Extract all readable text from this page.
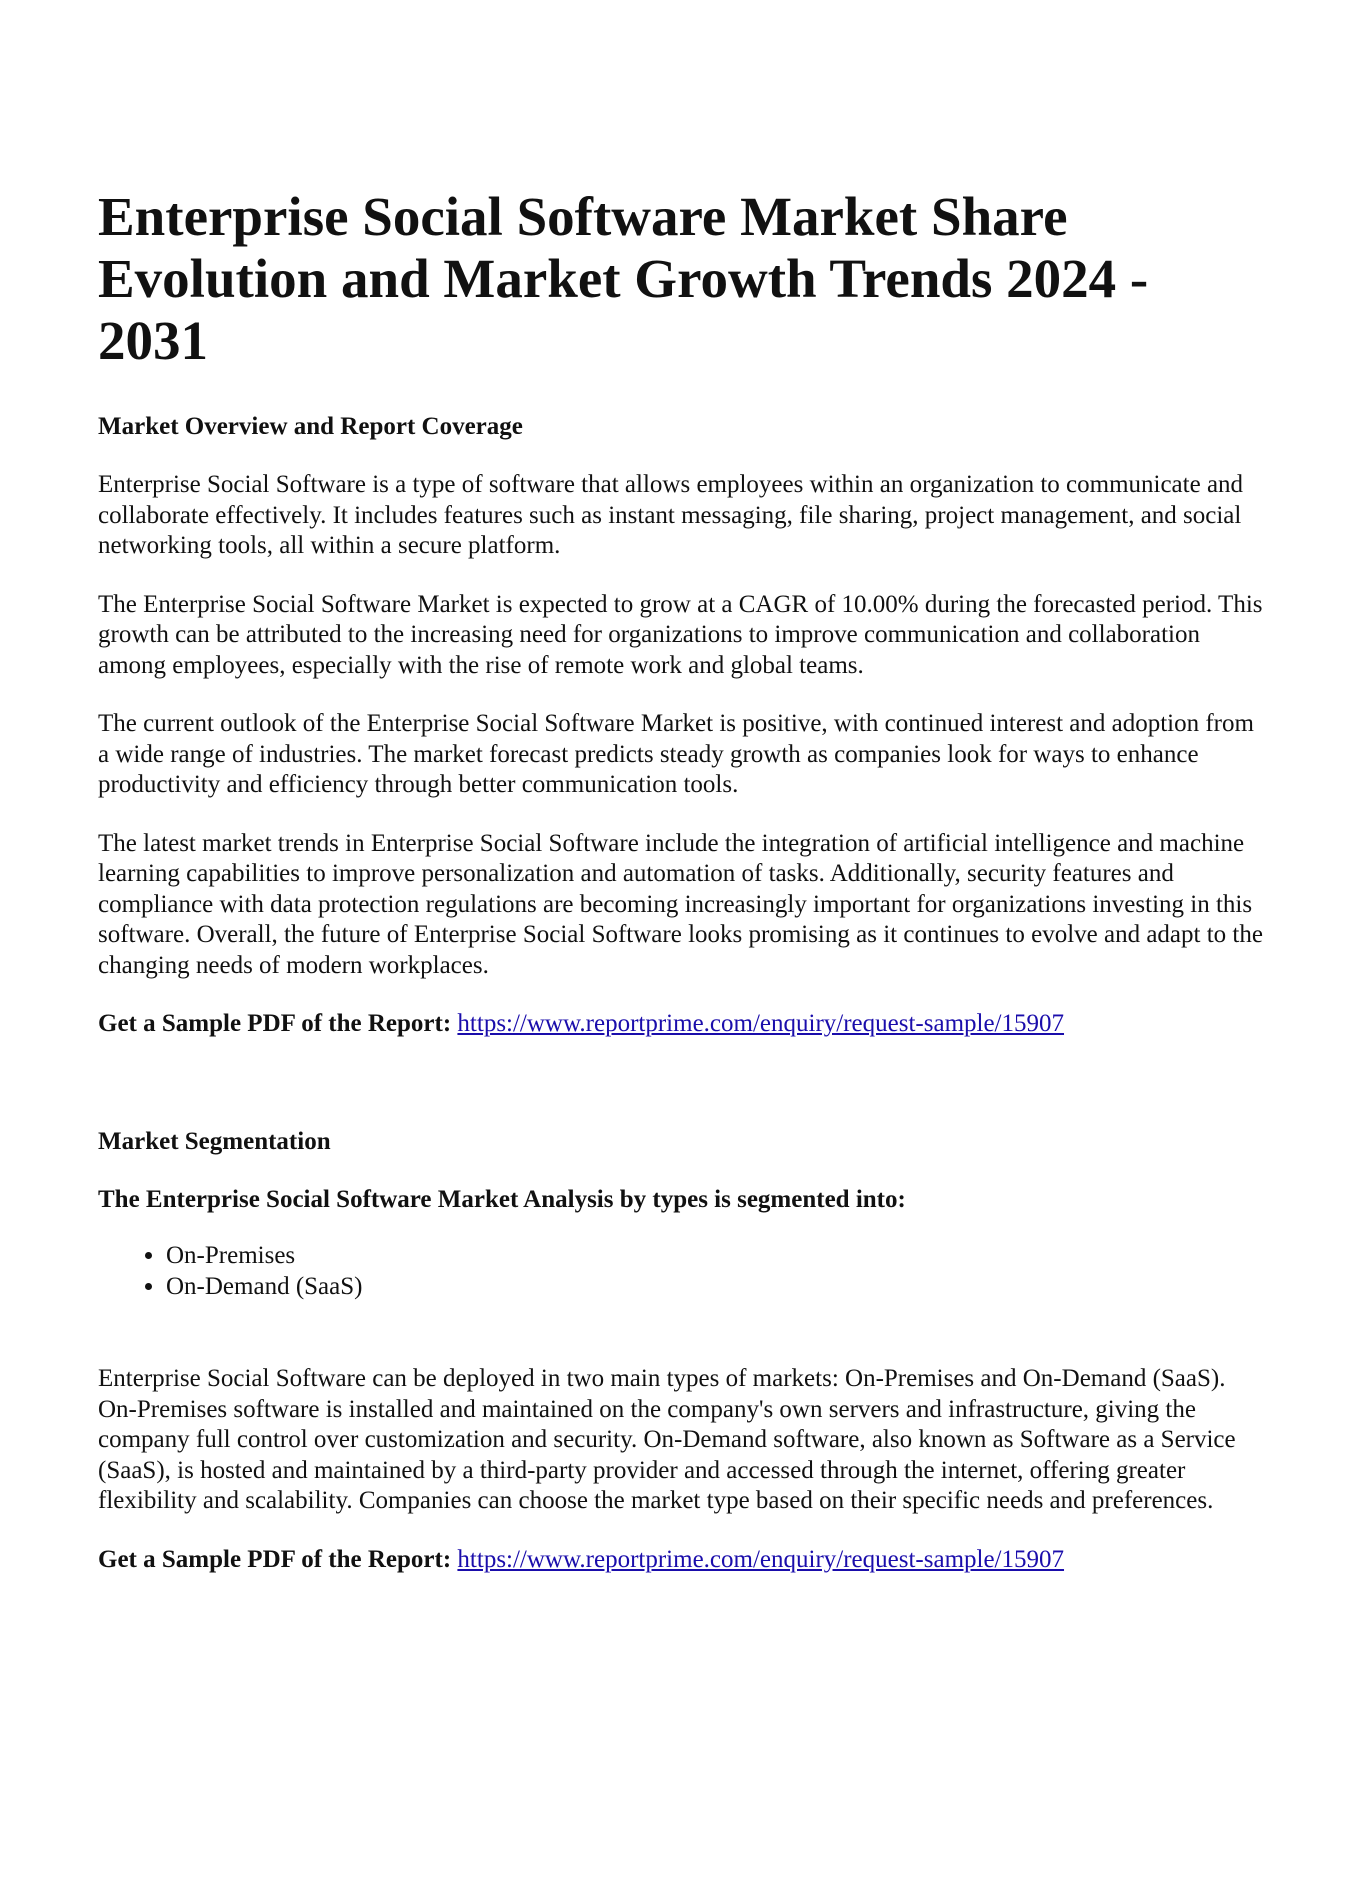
Enterprise Social Software Market Share Evolution and Market Growth Trends 2024 - 2031
Market Overview and Report Coverage

Enterprise Social Software is a type of software that allows employees within an organization to communicate and collaborate effectively. It includes features such as instant messaging, file sharing, project management, and social networking tools, all within a secure platform.

The Enterprise Social Software Market is expected to grow at a CAGR of 10.00% during the forecasted period. This growth can be attributed to the increasing need for organizations to improve communication and collaboration among employees, especially with the rise of remote work and global teams.

The current outlook of the Enterprise Social Software Market is positive, with continued interest and adoption from a wide range of industries. The market forecast predicts steady growth as companies look for ways to enhance productivity and efficiency through better communication tools.

The latest market trends in Enterprise Social Software include the integration of artificial intelligence and machine learning capabilities to improve personalization and automation of tasks. Additionally, security features and compliance with data protection regulations are becoming increasingly important for organizations investing in this software. Overall, the future of Enterprise Social Software looks promising as it continues to evolve and adapt to the changing needs of modern workplaces.

Get a Sample PDF of the Report: https://www.reportprime.com/enquiry/request-sample/15907
Market Segmentation
The Enterprise Social Software Market Analysis by types is segmented into:
• On-Premises
• On-Demand (SaaS)

Enterprise Social Software can be deployed in two main types of markets: On-Premises and On-Demand (SaaS). On-Premises software is installed and maintained on the company's own servers and infrastructure, giving the company full control over customization and security. On-Demand software, also known as Software as a Service (SaaS), is hosted and maintained by a third-party provider and accessed through the internet, offering greater flexibility and scalability. Companies can choose the market type based on their specific needs and preferences.

Get a Sample PDF of the Report: https://www.reportprime.com/enquiry/request-sample/15907
